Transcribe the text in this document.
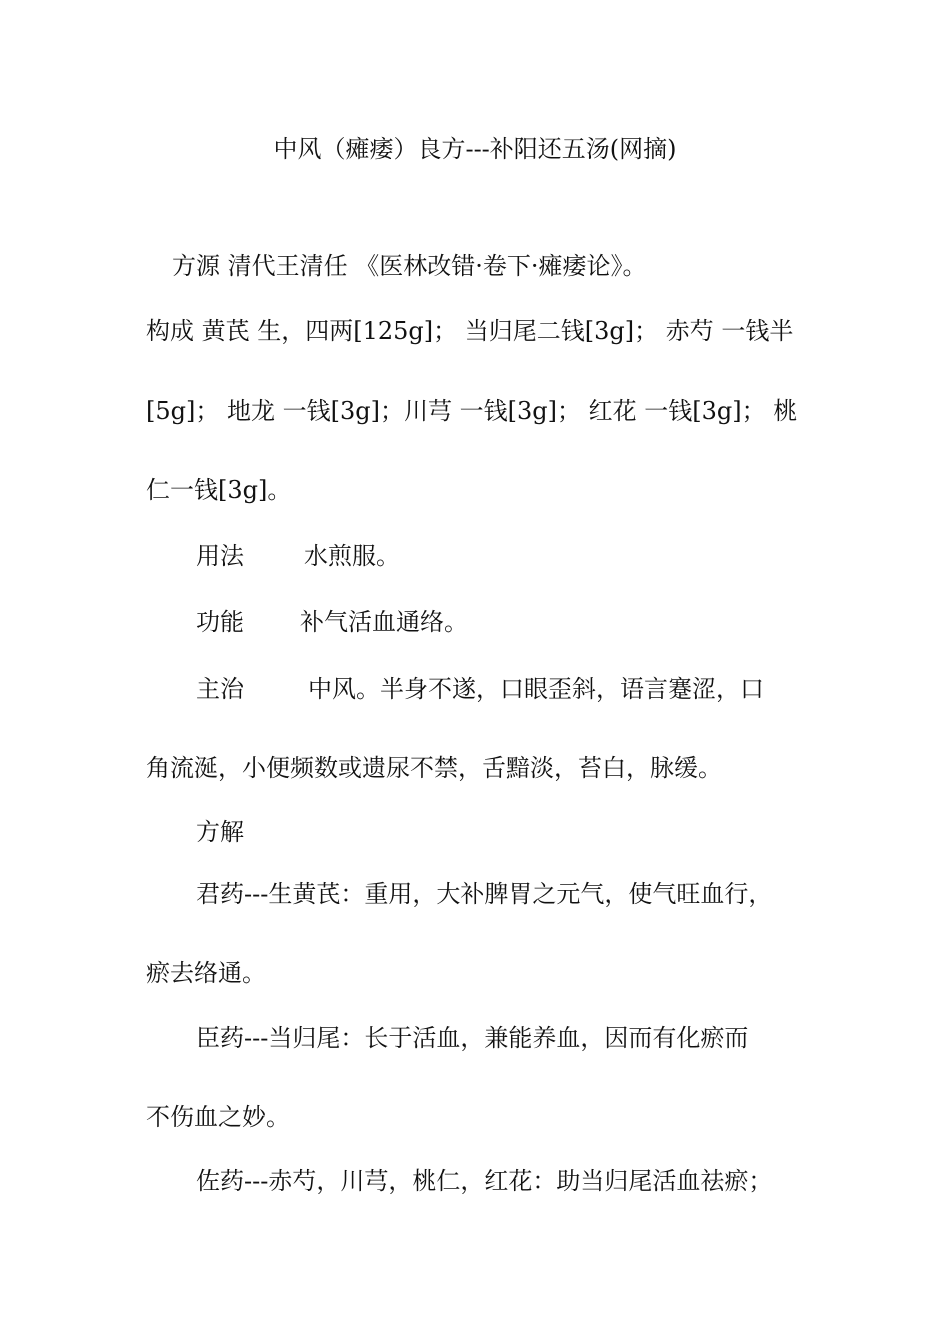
中风（瘫痿）良方---补阳还五汤(网摘)
方源 清代王清任 《医林改错·卷下·瘫痿论》。
构成 黄芪 生，四两[125g]； 当归尾二钱[3g]； 赤芍 一钱半
[5g]； 地龙 一钱[3g]；川芎 一钱[3g]； 红花 一钱[3g]； 桃
仁一钱[3g]。
用法	水煎服。
功能 补气活血通络。
主治	中风。半身不遂，口眼歪斜，语言蹇涩，口
角流涎，小便频数或遗尿不禁，舌黯淡，苔白，脉缓。
方解
君药---生黄芪：重用，大补脾胃之元气，使气旺血行，
瘀去络通。
臣药---当归尾：长于活血，兼能养血，因而有化瘀而
不伤血之妙。
佐药---赤芍，川芎，桃仁，红花：助当归尾活血祛瘀；
